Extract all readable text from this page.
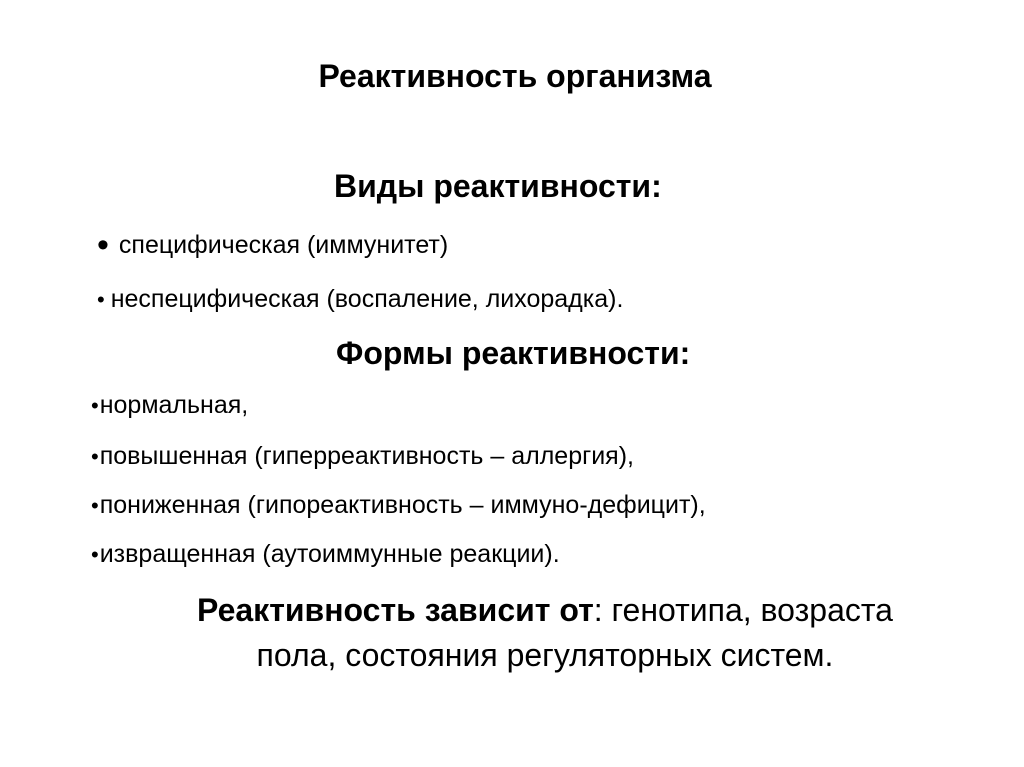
Реактивность организма
Виды реактивности:
• специфическая (иммунитет)
• неспецифическая (воспаление, лихорадка).
Формы реактивности:
•нормальная,
•повышенная (гиперреактивность – аллергия),
•пониженная (гипореактивность – иммуно-дефицит),
•извращенная (аутоиммунные реакции).

Реактивность зависит от: генотипа, возраста
пола, состояния регуляторных систем.
